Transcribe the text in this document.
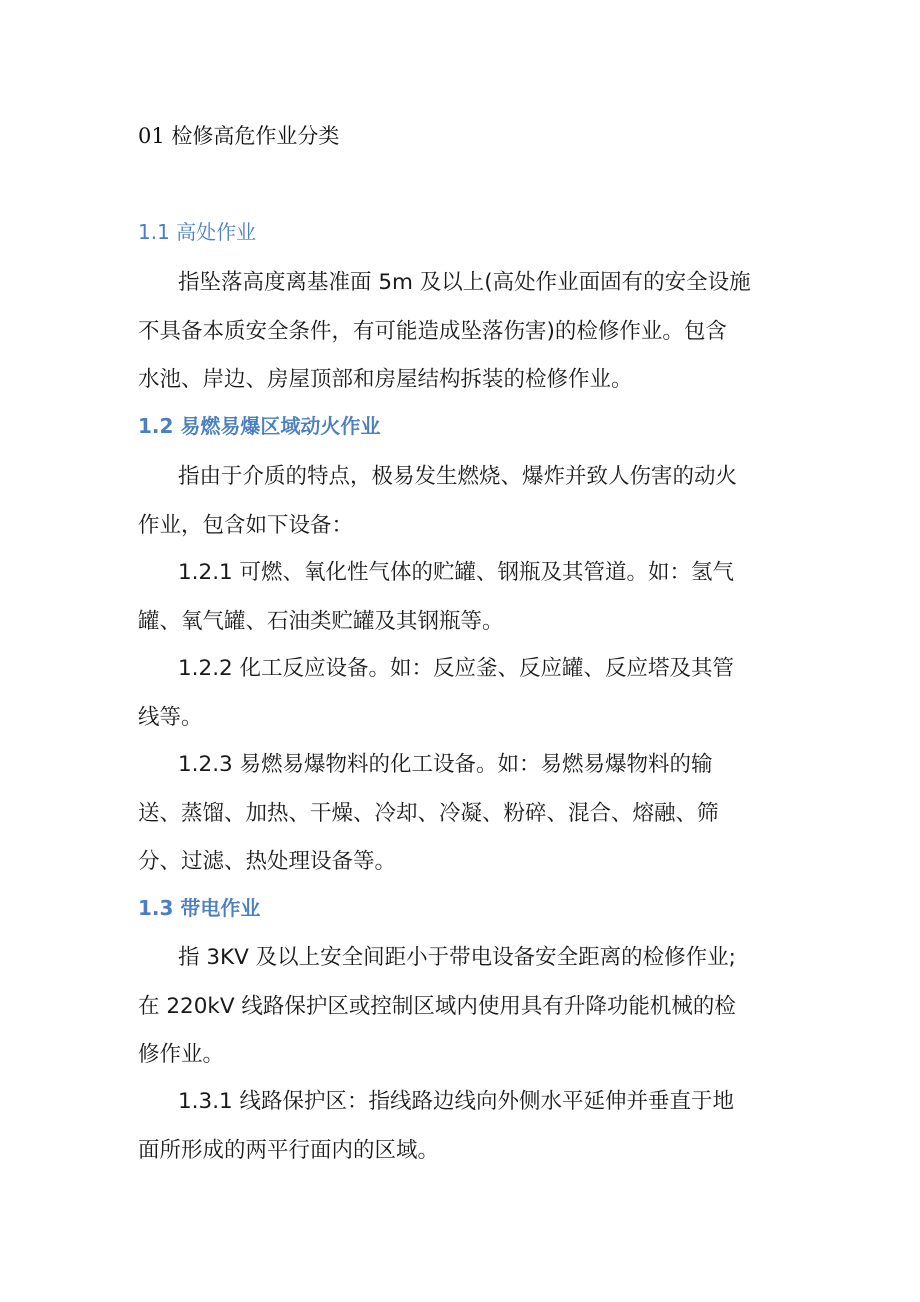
01 检修高危作业分类
1.1 高处作业
指坠落高度离基准面 5m 及以上(高处作业面固有的安全设施
不具备本质安全条件，有可能造成坠落伤害)的检修作业。包含
水池、岸边、房屋顶部和房屋结构拆装的检修作业。
1.2 易燃易爆区域动火作业
指由于介质的特点，极易发生燃烧、爆炸并致人伤害的动火
作业，包含如下设备：
1.2.1 可燃、氧化性气体的贮罐、钢瓶及其管道。如：氢气
罐、氧气罐、石油类贮罐及其钢瓶等。
1.2.2 化工反应设备。如：反应釜、反应罐、反应塔及其管
线等。
1.2.3 易燃易爆物料的化工设备。如：易燃易爆物料的输
送、蒸馏、加热、干燥、冷却、冷凝、粉碎、混合、熔融、筛
分、过滤、热处理设备等。
1.3 带电作业
指 3KV 及以上安全间距小于带电设备安全距离的检修作业;
在 220kV 线路保护区或控制区域内使用具有升降功能机械的检
修作业。
1.3.1 线路保护区：指线路边线向外侧水平延伸并垂直于地
面所形成的两平行面内的区域。
